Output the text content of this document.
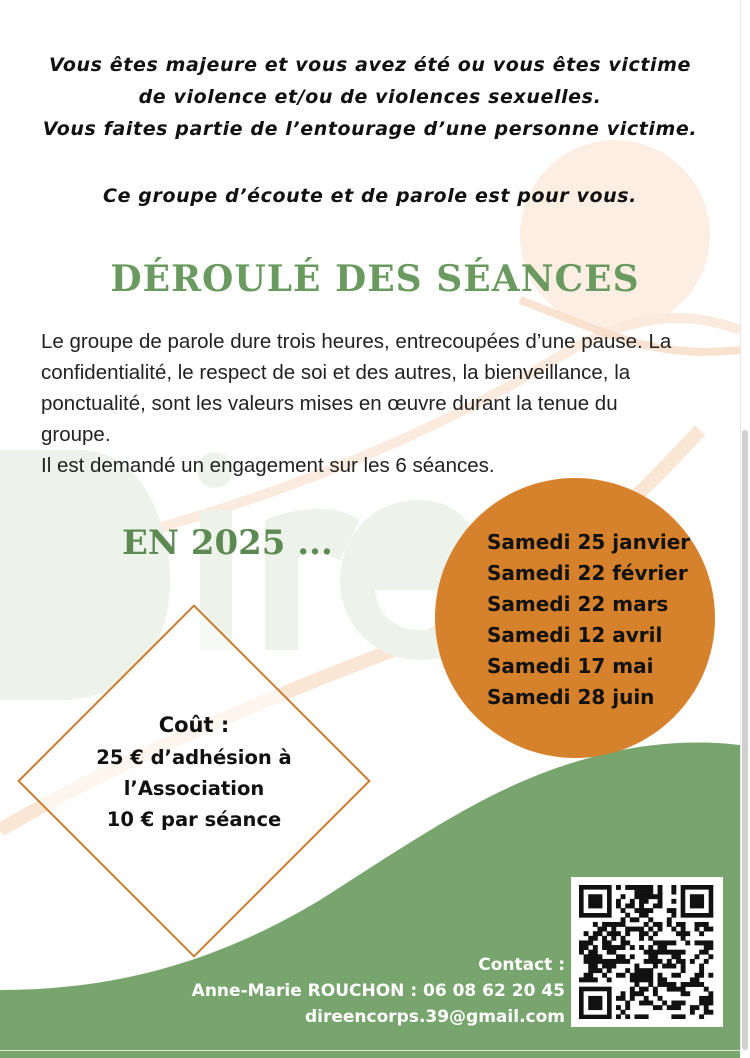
Vous êtes majeure et vous avez été ou vous êtes victime

de violence et/ou de violences sexuelles.

Vous faites partie de l’entourage d’une personne victime.

Ce groupe d’écoute et de parole est pour vous.

DÉROULÉ DES SÉANCES

Le groupe de parole dure trois heures, entrecoupées d’une pause. La confidentialité, le respect de soi et des autres, la bienveillance, la ponctualité, sont les valeurs mises en œuvre durant la tenue du groupe.

Il est demandé un engagement sur les 6 séances.

EN 2025 ...	Samedi 25 janvier
Samedi 22 février
Samedi 22 mars
Samedi 12 avril
Samedi 17 mai
Samedi 28 juin
Coût :
25 € d’adhésion à
l’Association
10 € par séance
Contact :
Anne-Marie ROUCHON : 06 08 62 20 45
direencorps.39@gmail.com
